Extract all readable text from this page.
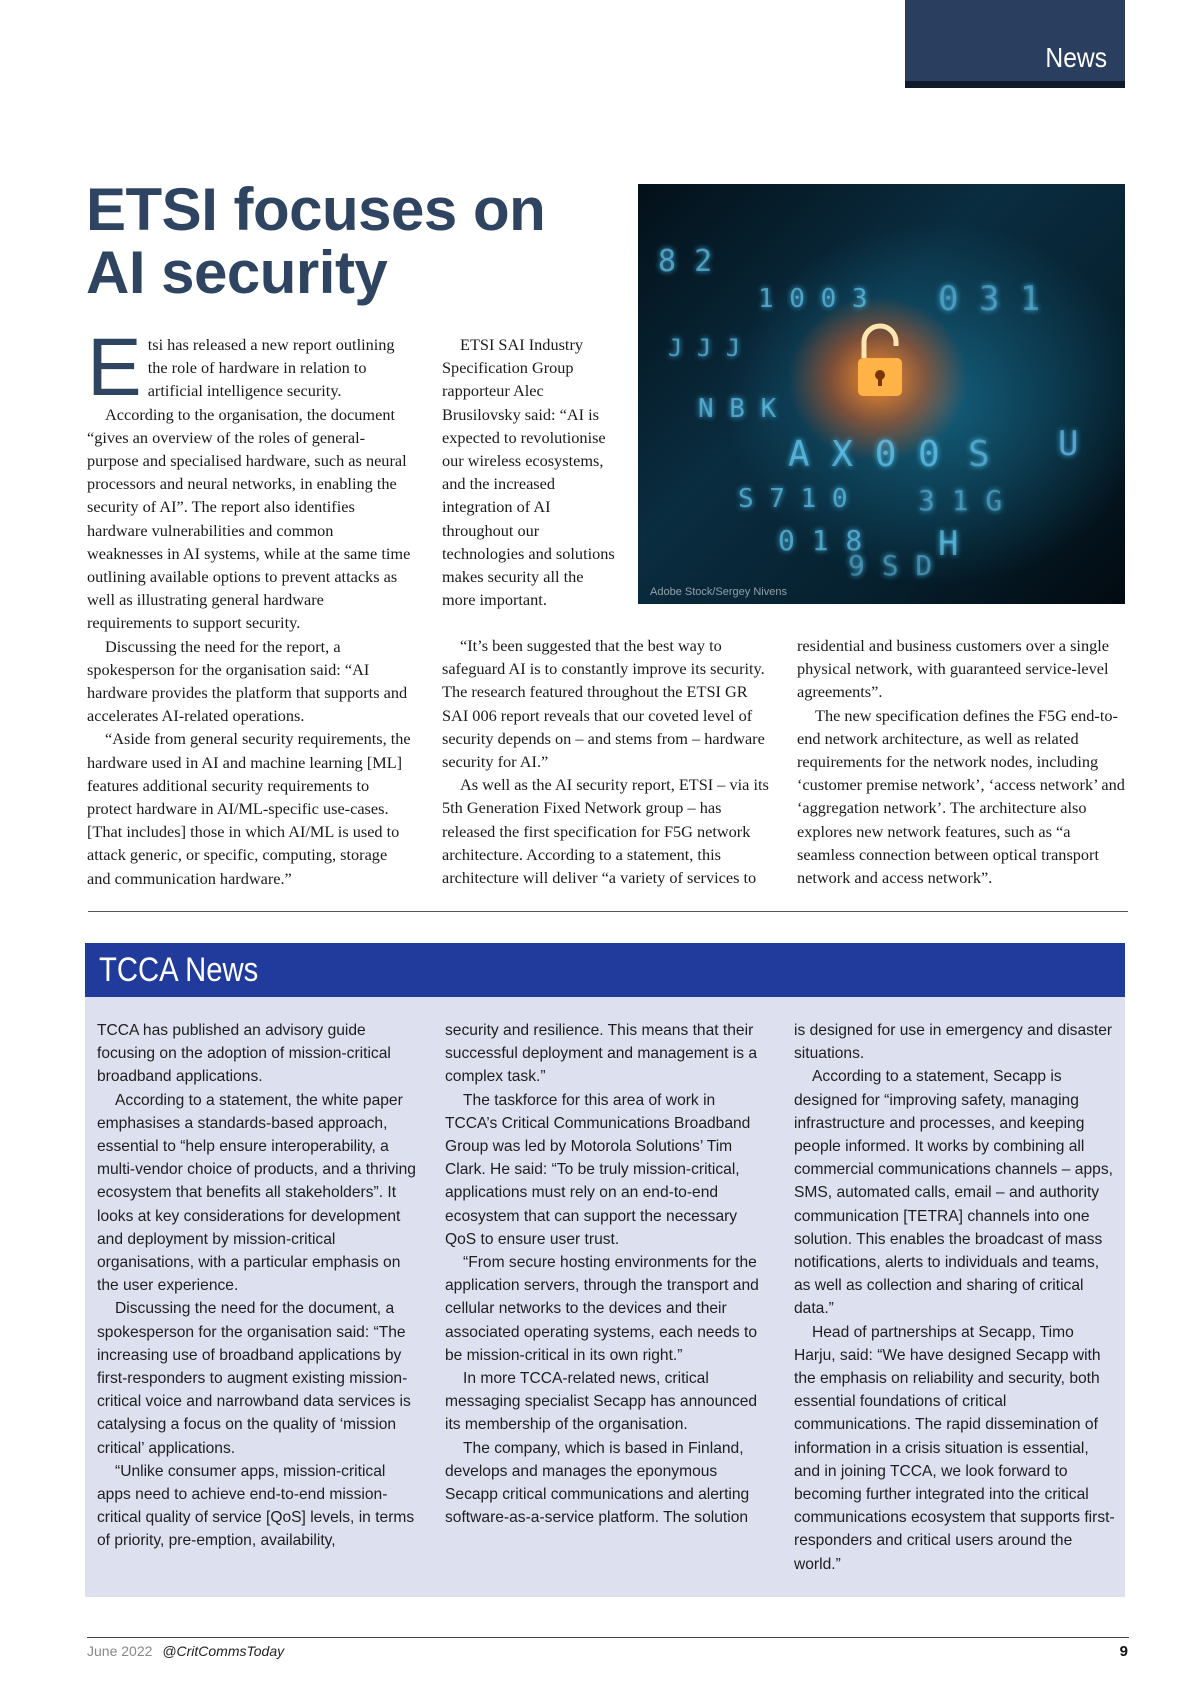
News
ETSI focuses on
AI security	8 2
1 0 0 3 0 3 1
J J J
N B K
A X 0 0 S
S 7 1 0	3 1 G
0 1 8 H
9 S D
U
Adobe Stock/Sergey Nivens
E tsi has released a new report outlining the role of hardware in relation to artificial intelligence security.

According to the organisation, the document “gives an overview of the roles of general-purpose and specialised hardware, such as neural processors and neural networks, in enabling the security of AI”. The report also identifies hardware vulnerabilities and common weaknesses in AI systems, while at the same time outlining available options to prevent attacks as well as illustrating general hardware requirements to support security.

Discussing the need for the report, a spokesperson for the organisation said: “AI hardware provides the platform that supports and accelerates AI-related operations.

“Aside from general security requirements, the hardware used in AI and machine learning [ML] features additional security requirements to protect hardware in AI/ML-specific use-cases. [That includes] those in which AI/ML is used to attack generic, or specific, computing, storage and communication hardware.”

ETSI SAI Industry Specification Group rapporteur Alec Brusilovsky said: “AI is expected to revolutionise our wireless ecosystems, and the increased integration of AI throughout our technologies and solutions makes security all the more important.

“It’s been suggested that the best way to safeguard AI is to constantly improve its security. The research featured throughout the ETSI GR SAI 006 report reveals that our coveted level of security depends on – and stems from – hardware security for AI.”

As well as the AI security report, ETSI – via its 5th Generation Fixed Network group – has released the first specification for F5G network architecture. According to a statement, this architecture will deliver “a variety of services to

residential and business customers over a single physical network, with guaranteed service-level agreements”.

The new specification defines the F5G end-to-end network architecture, as well as related requirements for the network nodes, including ‘customer premise network’, ‘access network’ and ‘aggregation network’. The architecture also explores new network features, such as “a seamless connection between optical transport network and access network”.

TCCA News

TCCA has published an advisory guide focusing on the adoption of mission-critical broadband applications.

According to a statement, the white paper emphasises a standards-based approach, essential to “help ensure interoperability, a multi-vendor choice of products, and a thriving ecosystem that benefits all stakeholders”. It looks at key considerations for development and deployment by mission-critical organisations, with a particular emphasis on the user experience.

Discussing the need for the document, a spokesperson for the organisation said: “The increasing use of broadband applications by first-responders to augment existing mission-critical voice and narrowband data services is catalysing a focus on the quality of ‘mission critical’ applications.

“Unlike consumer apps, mission-critical apps need to achieve end-to-end mission-critical quality of service [QoS] levels, in terms of priority, pre-emption, availability,

security and resilience. This means that their successful deployment and management is a complex task.”

The taskforce for this area of work in TCCA’s Critical Communications Broadband Group was led by Motorola Solutions’ Tim Clark. He said: “To be truly mission-critical, applications must rely on an end-to-end ecosystem that can support the necessary QoS to ensure user trust.

“From secure hosting environments for the application servers, through the transport and cellular networks to the devices and their associated operating systems, each needs to be mission-critical in its own right.”

In more TCCA-related news, critical messaging specialist Secapp has announced its membership of the organisation.

The company, which is based in Finland, develops and manages the eponymous Secapp critical communications and alerting software-as-a-service platform. The solution

is designed for use in emergency and disaster situations.

According to a statement, Secapp is designed for “improving safety, managing infrastructure and processes, and keeping people informed. It works by combining all commercial communications channels – apps, SMS, automated calls, email – and authority communication [TETRA] channels into one solution. This enables the broadcast of mass notifications, alerts to individuals and teams, as well as collection and sharing of critical data.”

Head of partnerships at Secapp, Timo Harju, said: “We have designed Secapp with the emphasis on reliability and security, both essential foundations of critical communications. The rapid dissemination of information in a crisis situation is essential, and in joining TCCA, we look forward to becoming further integrated into the critical communications ecosystem that supports first-responders and critical users around the world.”

June 2022 @CritCommsToday	9
